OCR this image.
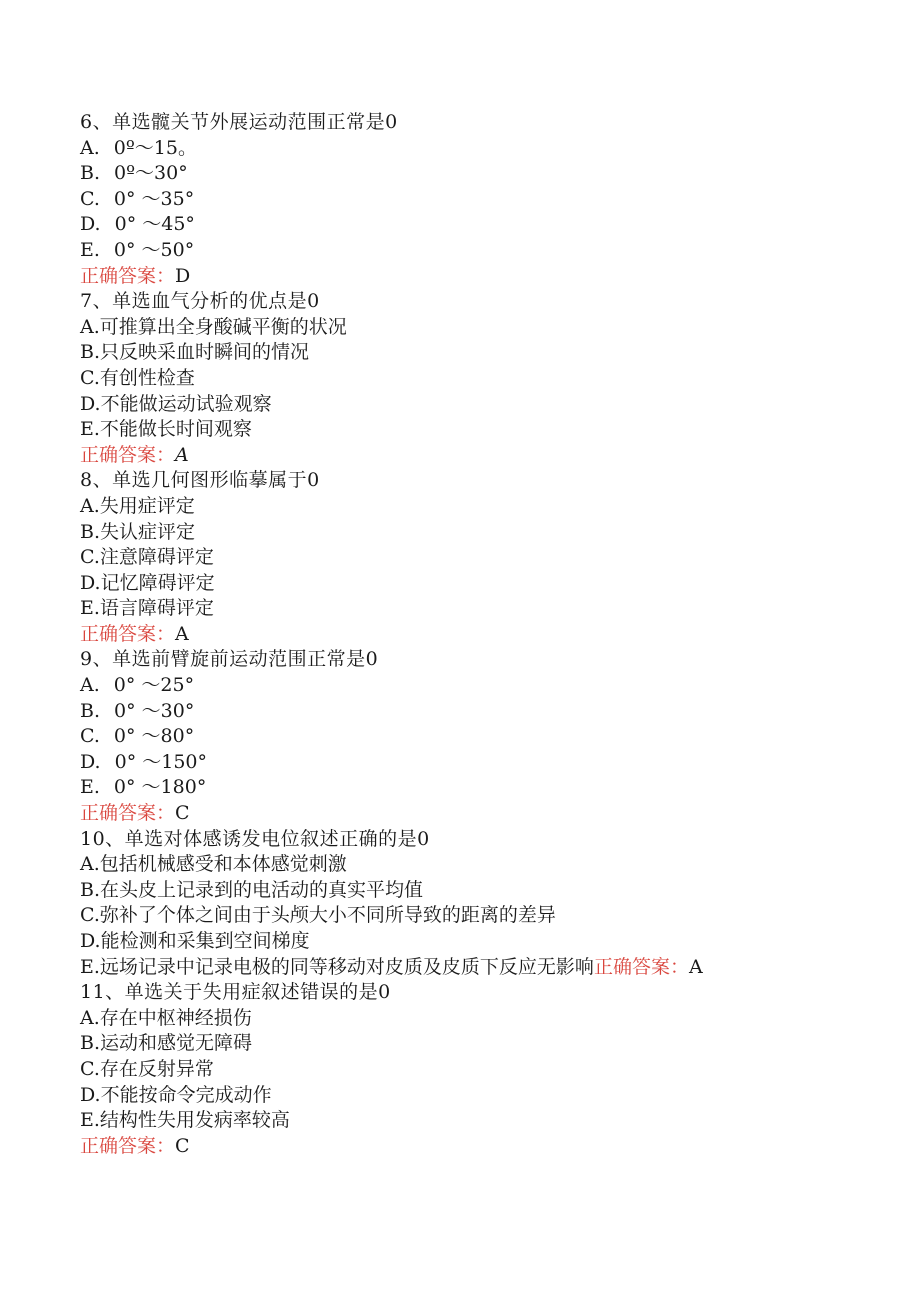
6、单选髋关节外展运动范围正常是0
A. 0º～15。
B. 0º～30°
C. 0° ～35°
D. 0° ～45°
E. 0° ～50°
正确答案：D
7、单选血气分析的优点是0
A.可推算出全身酸碱平衡的状况
B.只反映采血时瞬间的情况
C.有创性检查
D.不能做运动试验观察
E.不能做长时间观察
正确答案：A
8、单选几何图形临摹属于0
A.失用症评定
B.失认症评定
C.注意障碍评定
D.记忆障碍评定
E.语言障碍评定
正确答案：A
9、单选前臂旋前运动范围正常是0
A. 0° ～25°
B. 0° ～30°
C. 0° ～80°
D. 0° ～150°
E. 0° ～180°
正确答案：C
10、单选对体感诱发电位叙述正确的是0
A.包括机械感受和本体感觉刺激
B.在头皮上记录到的电活动的真实平均值
C.弥补了个体之间由于头颅大小不同所导致的距离的差异
D.能检测和采集到空间梯度
E.远场记录中记录电极的同等移动对皮质及皮质下反应无影响正确答案：A
11、单选关于失用症叙述错误的是0
A.存在中枢神经损伤
B.运动和感觉无障碍
C.存在反射异常
D.不能按命令完成动作
E.结构性失用发病率较高
正确答案：C
